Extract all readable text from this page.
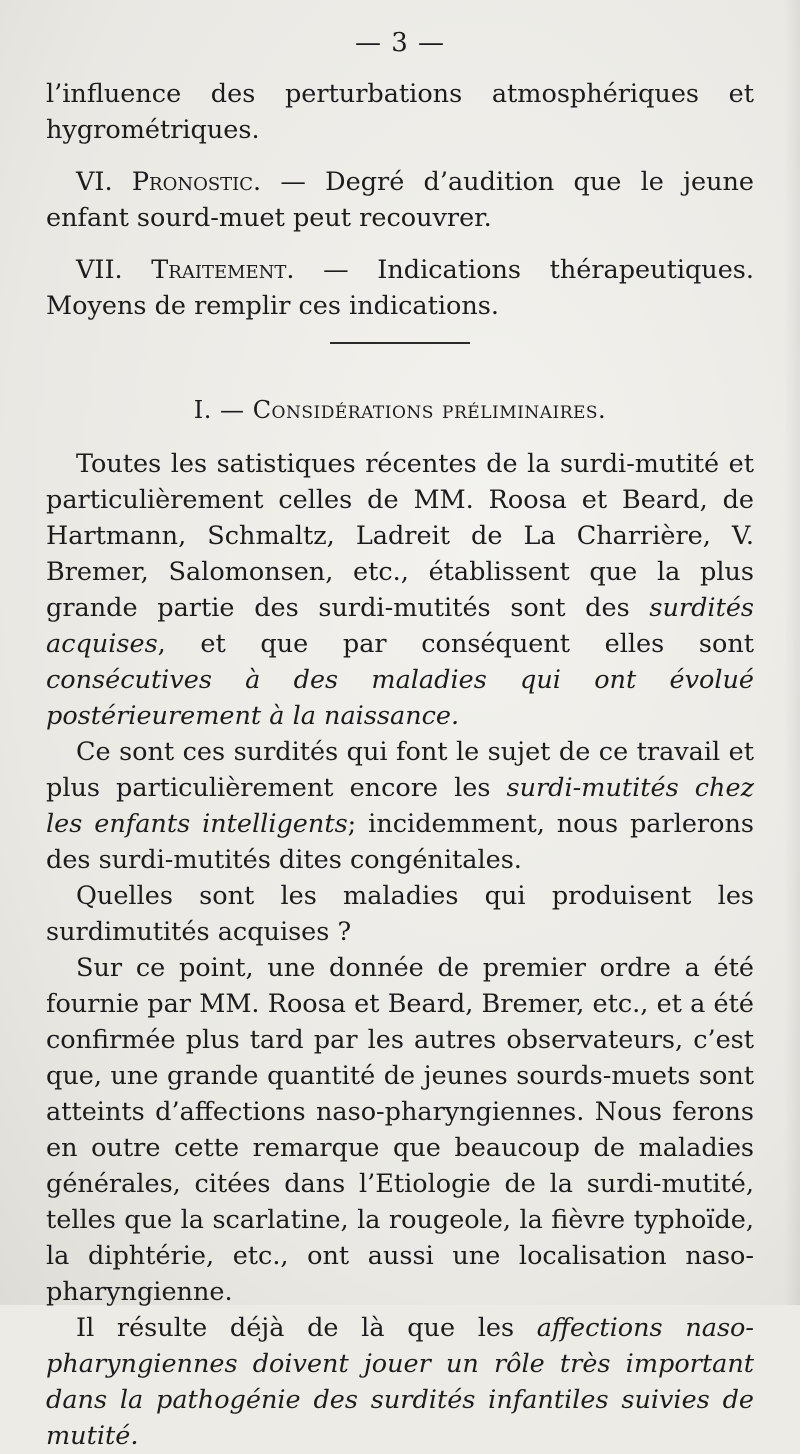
— 3 —

l’influence des perturbations atmosphériques et hygrométriques.

VI. Pronostic. — Degré d’audition que le jeune enfant sourd-muet peut recouvrer.

VII. Traitement. — Indications thérapeutiques. Moyens de remplir ces indications.

I. — Considérations préliminaires.

Toutes les satistiques récentes de la surdi-mutité et particulièrement celles de MM. Roosa et Beard, de Hartmann, Schmaltz, Ladreit de La Charrière, V. Bremer, Salomonsen, etc., établissent que la plus grande partie des surdi-mutités sont des surdités acquises, et que par conséquent elles sont consécutives à des maladies qui ont évolué postérieurement à la naissance.

Ce sont ces surdités qui font le sujet de ce travail et plus particulièrement encore les surdi-mutités chez les enfants intelligents; incidemment, nous parlerons des surdi-mutités dites congénitales.

Quelles sont les maladies qui produisent les surdimutités acquises ?

Sur ce point, une donnée de premier ordre a été fournie par MM. Roosa et Beard, Bremer, etc., et a été confirmée plus tard par les autres observateurs, c’est que, une grande quantité de jeunes sourds-muets sont atteints d’affections naso-pharyngiennes. Nous ferons en outre cette remarque que beaucoup de maladies générales, citées dans l’Etiologie de la surdi-mutité, telles que la scarlatine, la rougeole, la fièvre typhoïde, la diphtérie, etc., ont aussi une localisation naso-pharyngienne.

Il résulte déjà de là que les affections naso-pharyngiennes doivent jouer un rôle très important dans la pathogénie des surdités infantiles suivies de mutité.
